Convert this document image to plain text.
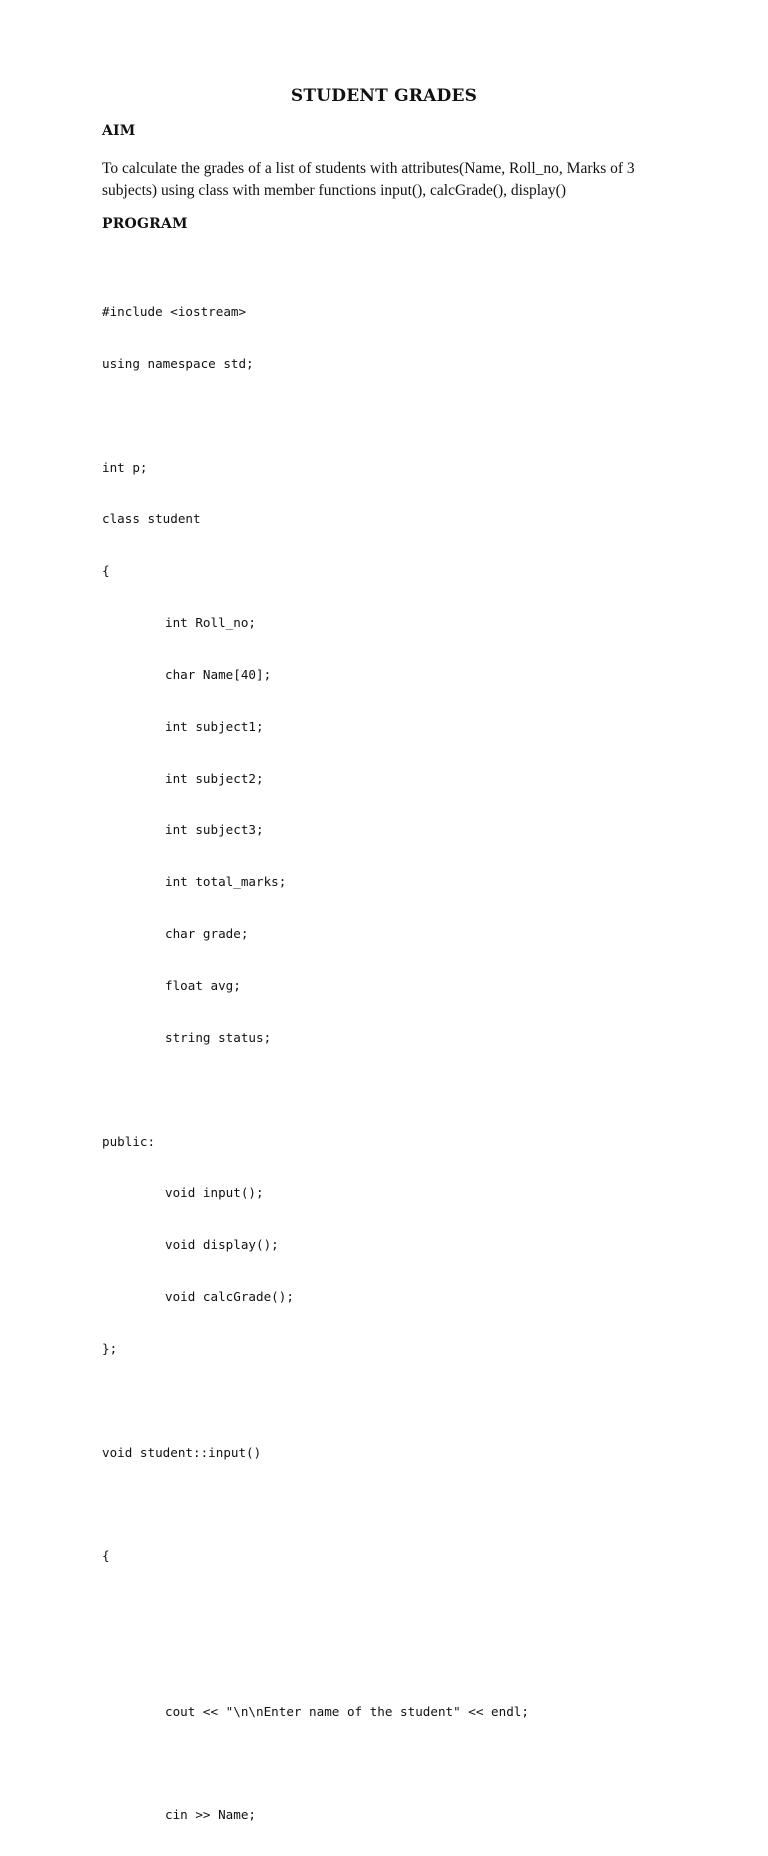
STUDENT GRADES
AIM
To calculate the grades of a list of students with attributes(Name, Roll_no, Marks of 3 subjects) using class with member functions input(), calcGrade(), display()
PROGRAM

#include <iostream>

using namespace std;

int p;

class student

{

int Roll_no;

char Name[40];

int subject1;

int subject2;

int subject3;

int total_marks;

char grade;

float avg;

string status;

public:

void input();

void display();

void calcGrade();

};

void student::input()

{

cout << "\n\nEnter name of the student" << endl;

cin >> Name;
